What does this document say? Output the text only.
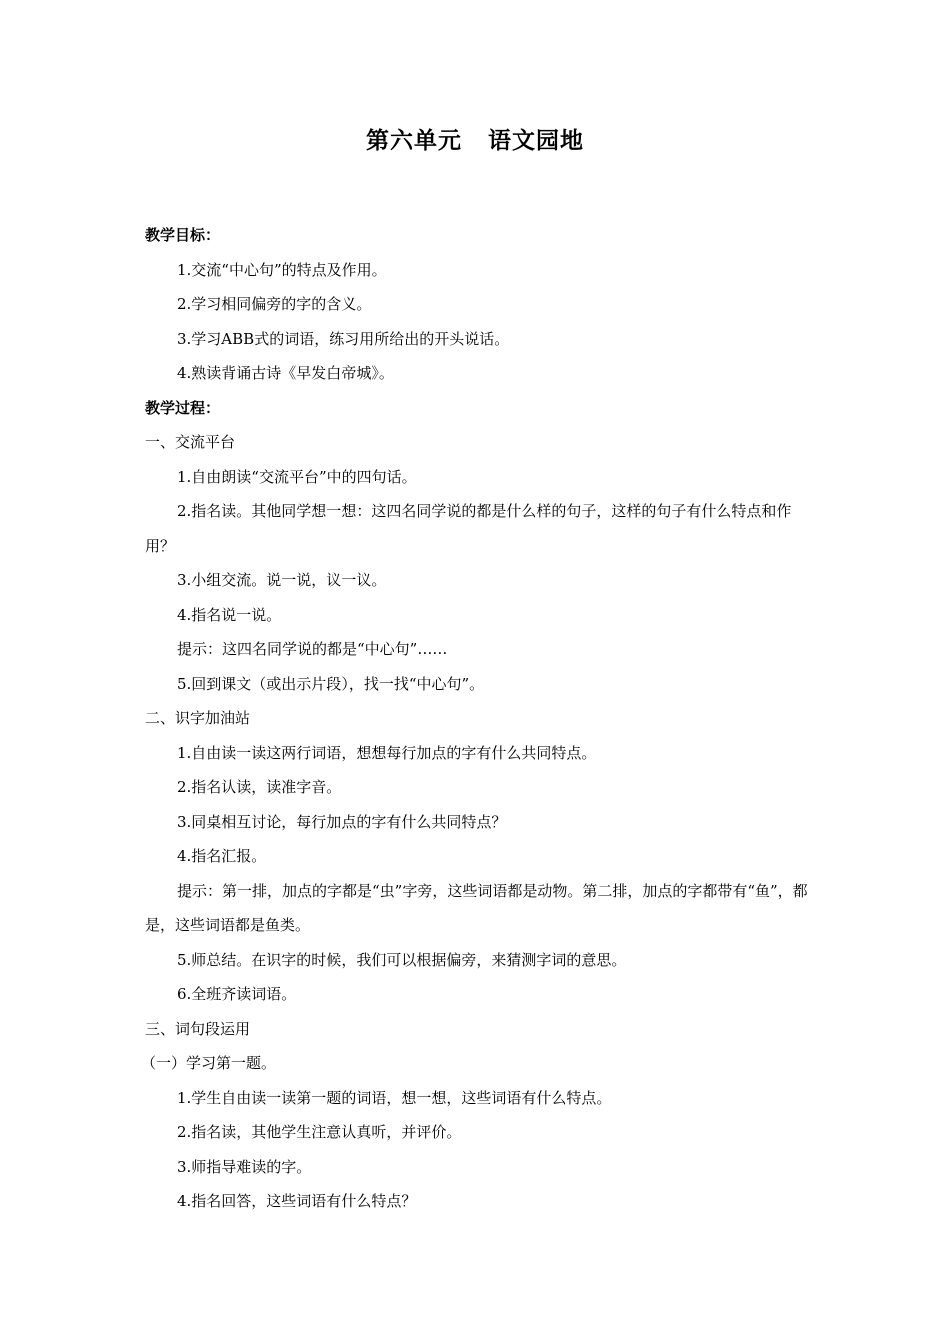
第六单元 语文园地
教学目标：
1.交流“中心句”的特点及作用。
2.学习相同偏旁的字的含义。
3.学习ABB式的词语，练习用所给出的开头说话。
4.熟读背诵古诗《早发白帝城》。
教学过程：
一、交流平台
1.自由朗读“交流平台”中的四句话。
2.指名读。其他同学想一想：这四名同学说的都是什么样的句子，这样的句子有什么特点和作用？
3.小组交流。说一说，议一议。
4.指名说一说。
提示：这四名同学说的都是“中心句”……
5.回到课文（或出示片段），找一找“中心句”。
二、识字加油站
1.自由读一读这两行词语，想想每行加点的字有什么共同特点。
2.指名认读，读准字音。
3.同桌相互讨论，每行加点的字有什么共同特点？
4.指名汇报。
提示：第一排，加点的字都是“虫”字旁，这些词语都是动物。第二排，加点的字都带有“鱼”，都是，这些词语都是鱼类。
5.师总结。在识字的时候，我们可以根据偏旁，来猜测字词的意思。
6.全班齐读词语。
三、词句段运用
（一）学习第一题。
1.学生自由读一读第一题的词语，想一想，这些词语有什么特点。
2.指名读，其他学生注意认真听，并评价。
3.师指导难读的字。
4.指名回答，这些词语有什么特点？
